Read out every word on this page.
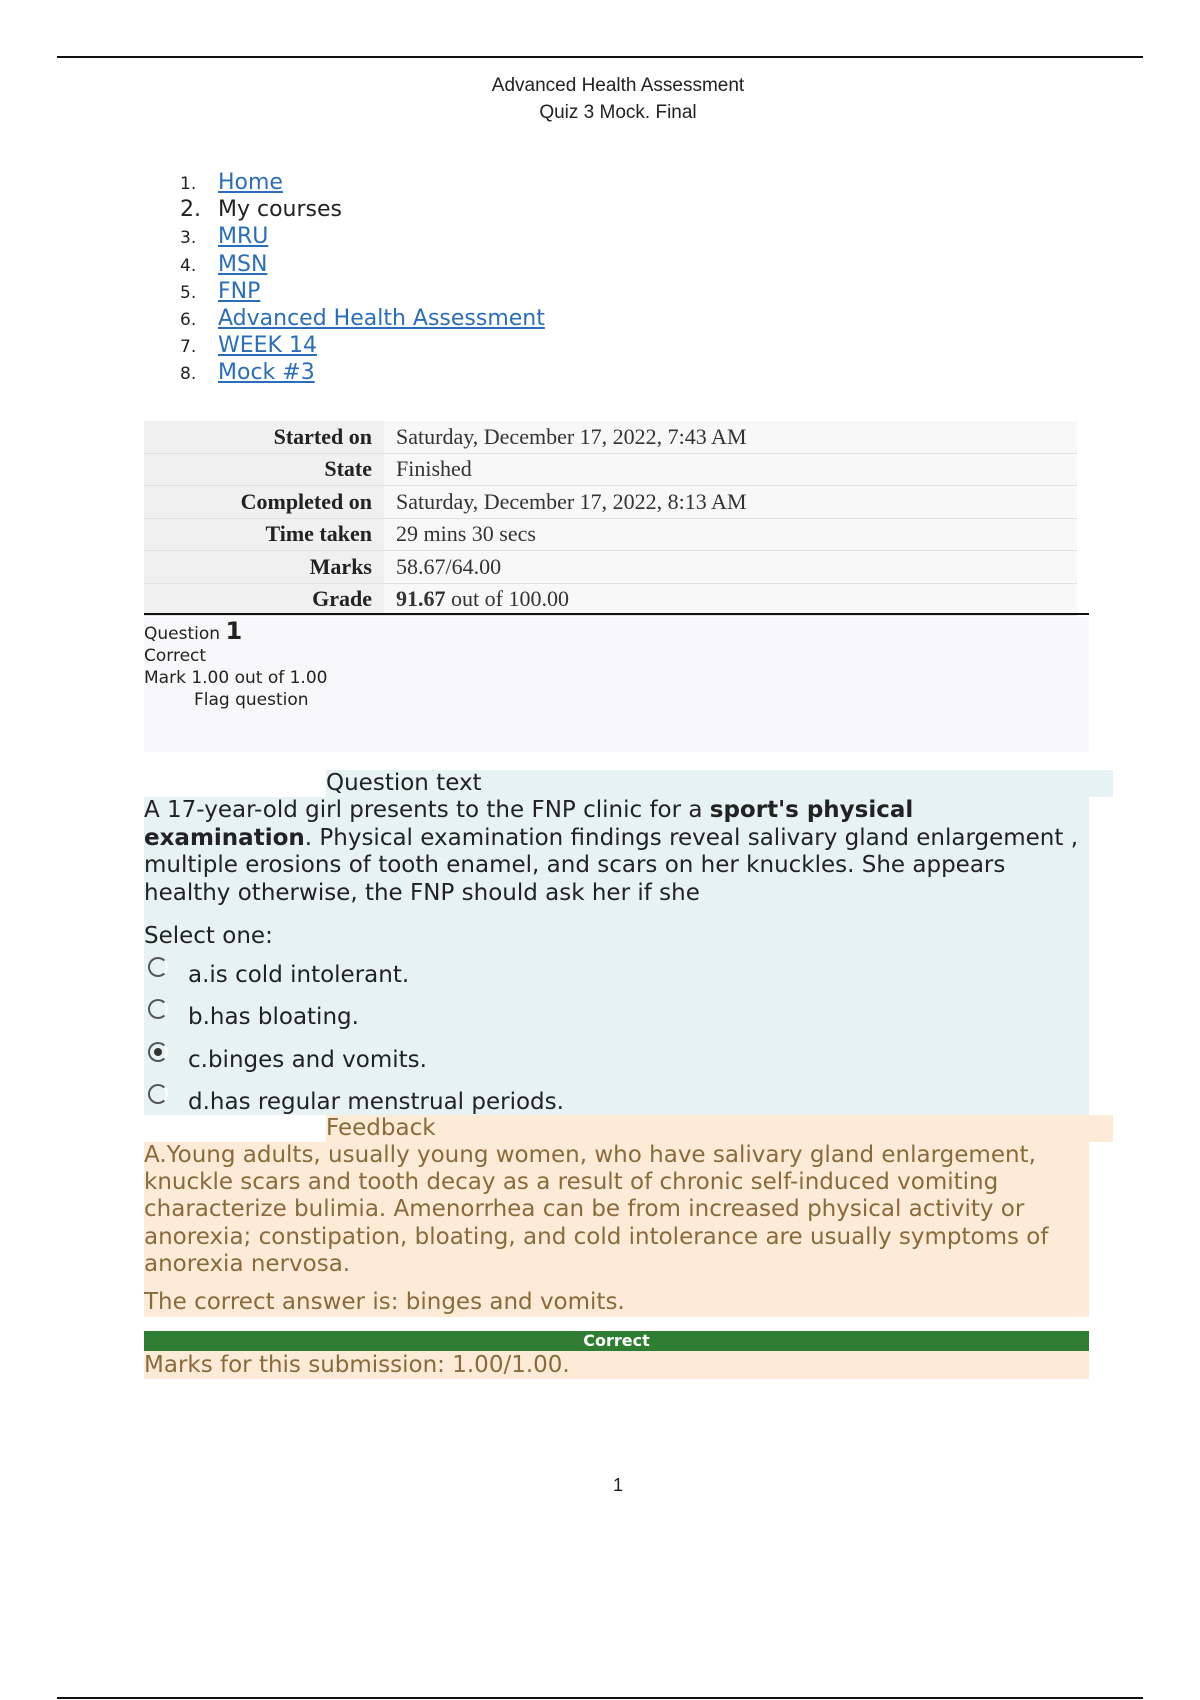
Advanced Health Assessment
Quiz 3 Mock. Final
1. Home
2. My courses
3. MRU
4. MSN
5. FNP
6. Advanced Health Assessment
7. WEEK 14
8. Mock #3
Started on	Saturday, December 17, 2022, 7:43 AM
State	Finished
Completed on	Saturday, December 17, 2022, 8:13 AM
Time taken	29 mins 30 secs
Marks	58.67/64.00
Grade	91.67 out of 100.00
Question 1
Correct
Mark 1.00 out of 1.00
Flag question
Question text

A 17-year-old girl presents to the FNP clinic for a sport's physical examination. Physical examination findings reveal salivary gland enlargement , multiple erosions of tooth enamel, and scars on her knuckles. She appears healthy otherwise, the FNP should ask her if she

Select one:

a.is cold intolerant.
b.has bloating.
c.binges and vomits.
d.has regular menstrual periods.
Feedback

A.Young adults, usually young women, who have salivary gland enlargement, knuckle scars and tooth decay as a result of chronic self-induced vomiting characterize bulimia. Amenorrhea can be from increased physical activity or anorexia; constipation, bloating, and cold intolerance are usually symptoms of anorexia nervosa.

The correct answer is: binges and vomits.

Correct
Marks for this submission: 1.00/1.00.
1
